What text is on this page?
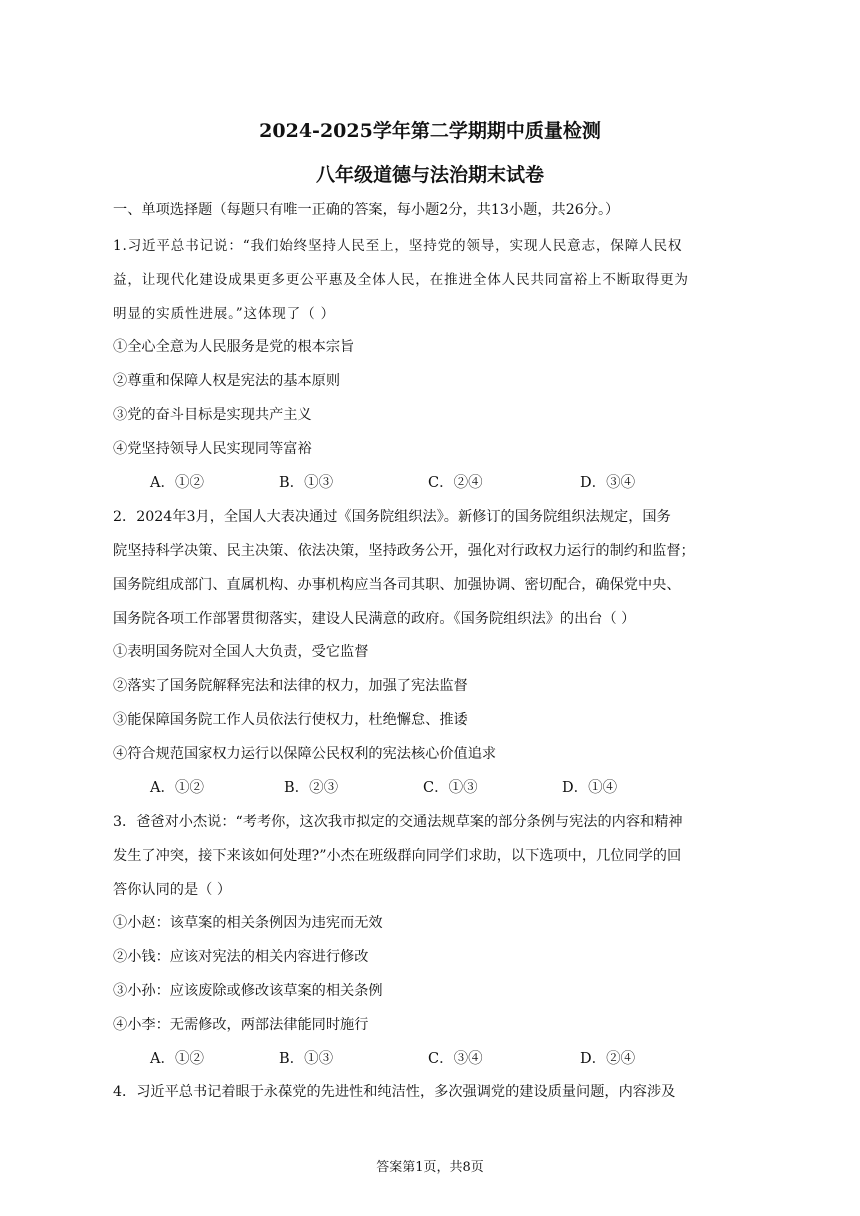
2024-2025学年第二学期期中质量检测
八年级道德与法治期末试卷
一、单项选择题（每题只有唯一正确的答案，每小题2分，共13小题，共26分。）
1.习近平总书记说：“我们始终坚持人民至上，坚持党的领导，实现人民意志，保障人民权
益，让现代化建设成果更多更公平惠及全体人民，在推进全体人民共同富裕上不断取得更为
明显的实质性进展。”这体现了（ ）
①全心全意为人民服务是党的根本宗旨
②尊重和保障人权是宪法的基本原则
③党的奋斗目标是实现共产主义
④党坚持领导人民实现同等富裕
A．①②	B．①③	C．②④	D．③④
2．2024年3月，全国人大表决通过《国务院组织法》。新修订的国务院组织法规定，国务
院坚持科学决策、民主决策、依法决策，坚持政务公开，强化对行政权力运行的制约和监督；
国务院组成部门、直属机构、办事机构应当各司其职、加强协调、密切配合，确保党中央、
国务院各项工作部署贯彻落实，建设人民满意的政府。《国务院组织法》的出台（ ）
①表明国务院对全国人大负责，受它监督
②落实了国务院解释宪法和法律的权力，加强了宪法监督
③能保障国务院工作人员依法行使权力，杜绝懈怠、推诿
④符合规范国家权力运行以保障公民权利的宪法核心价值追求
A．①②	B．②③	C．①③	D．①④
3．爸爸对小杰说：“考考你，这次我市拟定的交通法规草案的部分条例与宪法的内容和精神
发生了冲突，接下来该如何处理?”小杰在班级群向同学们求助，以下选项中，几位同学的回
答你认同的是（ ）
①小赵：该草案的相关条例因为违宪而无效
②小钱：应该对宪法的相关内容进行修改
③小孙：应该废除或修改该草案的相关条例
④小李：无需修改，两部法律能同时施行
A．①②	B．①③	C．③④	D．②④
4．习近平总书记着眼于永葆党的先进性和纯洁性，多次强调党的建设质量问题，内容涉及
答案第1页，共8页
